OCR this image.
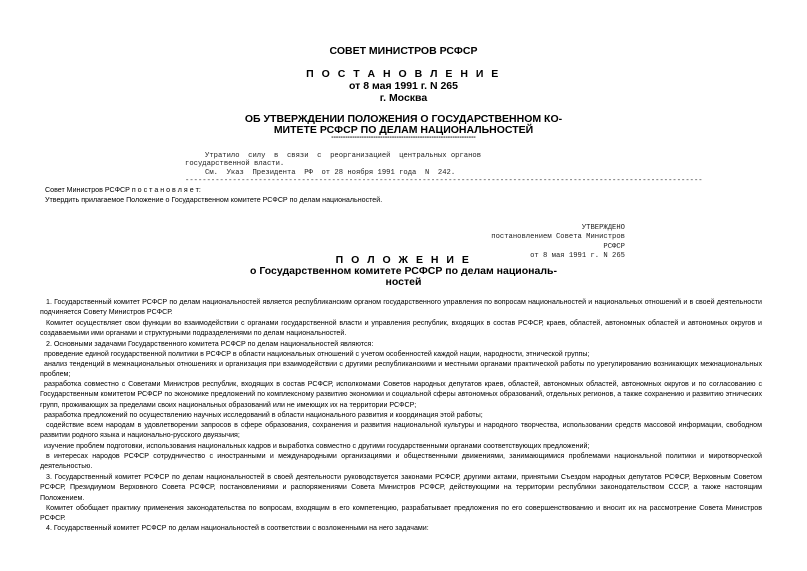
СОВЕТ МИНИСТРОВ РСФСР

П О С Т А Н О В Л Е Н И Е

от 8 мая 1991 г. N 265

г. Москва

ОБ УТВЕРЖДЕНИИ ПОЛОЖЕНИЯ О ГОСУДАРСТВЕННОМ КО-

МИТЕТЕ РСФСР ПО ДЕЛАМ НАЦИОНАЛЬНОСТЕЙ

--------------------------------------------------------------

Утратило  силу  в  связи  с  реорганизацией  центральных органов

государственной власти.

См.  Указ  Президента  РФ  от 28 ноября 1991 года  N  242.

------------------------------------------------------------------------------------------------------------------------

Совет Министров РСФСР п о с т а н о в л я е т:

Утвердить прилагаемое Положение о Государственном комитете РСФСР по делам национальностей.

УТВЕРЖДЕНО
постановлением Совета Министров
РСФСР
от 8 мая 1991 г. N 265

П О Л О Ж Е Н И Е

о Государственном комитете РСФСР по делам националь-

ностей

1. Государственный комитет РСФСР по делам национальностей является республиканским органом государственного управления по вопросам национальностей и национальных отношений и в своей деятельности подчиняется Совету Министров РСФСР.

Комитет осуществляет свои функции во взаимодействии с органами государственной власти и управления республик, входящих в состав РСФСР, краев, областей, автономных областей и автономных округов и создаваемыми ими органами и структурными подразделениями по делам национальностей.

2. Основными задачами Государственного комитета РСФСР по делам национальностей являются:

проведение единой государственной политики в РСФСР в области национальных отношений с учетом особенностей каждой нации, народности, этнической группы;

анализ тенденций в межнациональных отношениях и организация при взаимодействии с другими республиканскими и местными органами практической работы по урегулированию возникающих межнациональных проблем;

разработка совместно с Советами Министров республик, входящих в состав РСФСР, исполкомами Советов народных депутатов краев, областей, автономных областей, автономных округов и по согласованию с Государственным комитетом РСФСР по экономике предложений по комплексному развитию экономики и социальной сферы автономных образований, отдельных регионов, а также сохранению и развитию этнических групп, проживающих за пределами своих национальных образований или не имеющих их на территории РСФСР;

разработка предложений по осуществлению научных исследований в области национального развития и координация этой работы;

содействие всем народам в удовлетворении запросов в сфере образования, сохранения и развития национальной культуры и народного творчества, использовании средств массовой информации, свободном развитии родного языка и национально-русского двуязычия;

изучение проблем подготовки, использования национальных кадров и выработка совместно с другими государственными органами соответствующих предложений;

в интересах народов РСФСР сотрудничество с иностранными и международными организациями и общественными движениями, занимающимися проблемами национальной политики и миротворческой деятельностью.

3. Государственный комитет РСФСР по делам национальностей в своей деятельности руководствуется законами РСФСР, другими актами, принятыми Съездом народных депутатов РСФСР, Верховным Советом РСФСР, Президиумом Верховного Совета РСФСР, постановлениями и распоряжениями Совета Министров РСФСР, действующими на территории республики законодательством СССР, а также настоящим Положением.

Комитет обобщает практику применения законодательства по вопросам, входящим в его компетенцию, разрабатывает предложения по его совершенствованию и вносит их на рассмотрение Совета Министров РСФСР.

4. Государственный комитет РСФСР по делам национальностей в соответствии с возложенными на него задачами:
